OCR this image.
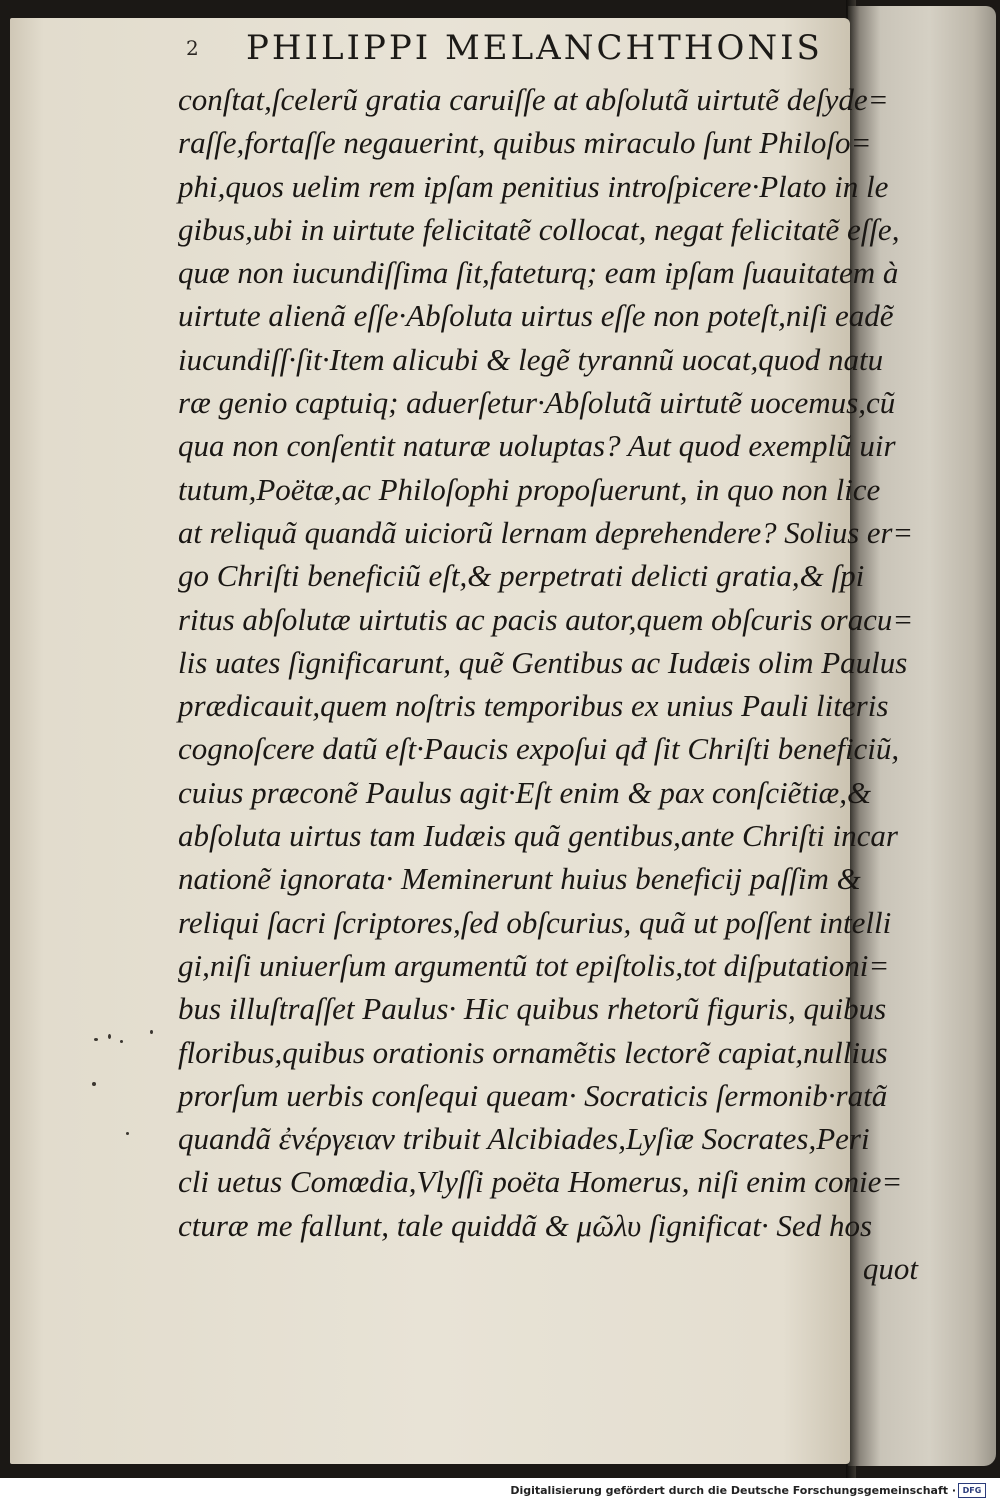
2 PHILIPPI MELANCHTHONIS
conſtat,ſcelerũ gratia caruiſſe at abſolutã uirtutẽ deſyde=
raſſe,fortaſſe negauerint, quibus miraculo ſunt Philoſo=
phi,quos uelim rem ipſam penitius introſpicere·Plato in le
gibus,ubi in uirtute felicitatẽ collocat, negat felicitatẽ eſſe,
quæ non iucundiſſima ſit,fateturq; eam ipſam ſuauitatem à
uirtute alienã eſſe·Abſoluta uirtus eſſe non poteſt,niſi eadẽ
iucundiſſ·ſit·Item alicubi & legẽ tyrannũ uocat,quod natu
ræ genio captuiq; aduerſetur·Abſolutã uirtutẽ uocemus,cũ
qua non conſentit naturæ uoluptas? Aut quod exemplũ uir
tutum,Poëtæ,ac Philoſophi propoſuerunt, in quo non lice
at reliquã quandã uiciorũ lernam deprehendere? Solius er=
go Chriſti beneficiũ eſt,& perpetrati delicti gratia,& ſpi
ritus abſolutæ uirtutis ac pacis autor,quem obſcuris oracu=
lis uates ſignificarunt, quẽ Gentibus ac Iudæis olim Paulus
prædicauit,quem noſtris temporibus ex unius Pauli literis
cognoſcere datũ eſt·Paucis expoſui qđ ſit Chriſti beneficiũ,
cuius præconẽ Paulus agit·Eſt enim & pax conſciẽtiæ,&
abſoluta uirtus tam Iudæis quã gentibus,ante Chriſti incar
nationẽ ignorata· Meminerunt huius beneficij paſſim &
reliqui ſacri ſcriptores,ſed obſcurius, quã ut poſſent intelli
gi,niſi uniuerſum argumentũ tot epiſtolis,tot diſputationi=
bus illuſtraſſet Paulus· Hic quibus rhetorũ figuris, quibus
floribus,quibus orationis ornamẽtis lectorẽ capiat,nullius
prorſum uerbis conſequi queam· Socraticis ſermonib·ratã
quandã ἐνέργειαν tribuit Alcibiades,Lyſiæ Socrates,Peri
cli uetus Comœdia,Vlyſſi poëta Homerus, niſi enim conie=
cturæ me fallunt, tale quiddã & μῶλυ ſignificat· Sed hos
quot
Digitalisierung gefördert durch die Deutsche Forschungsgemeinschaft · DFG
